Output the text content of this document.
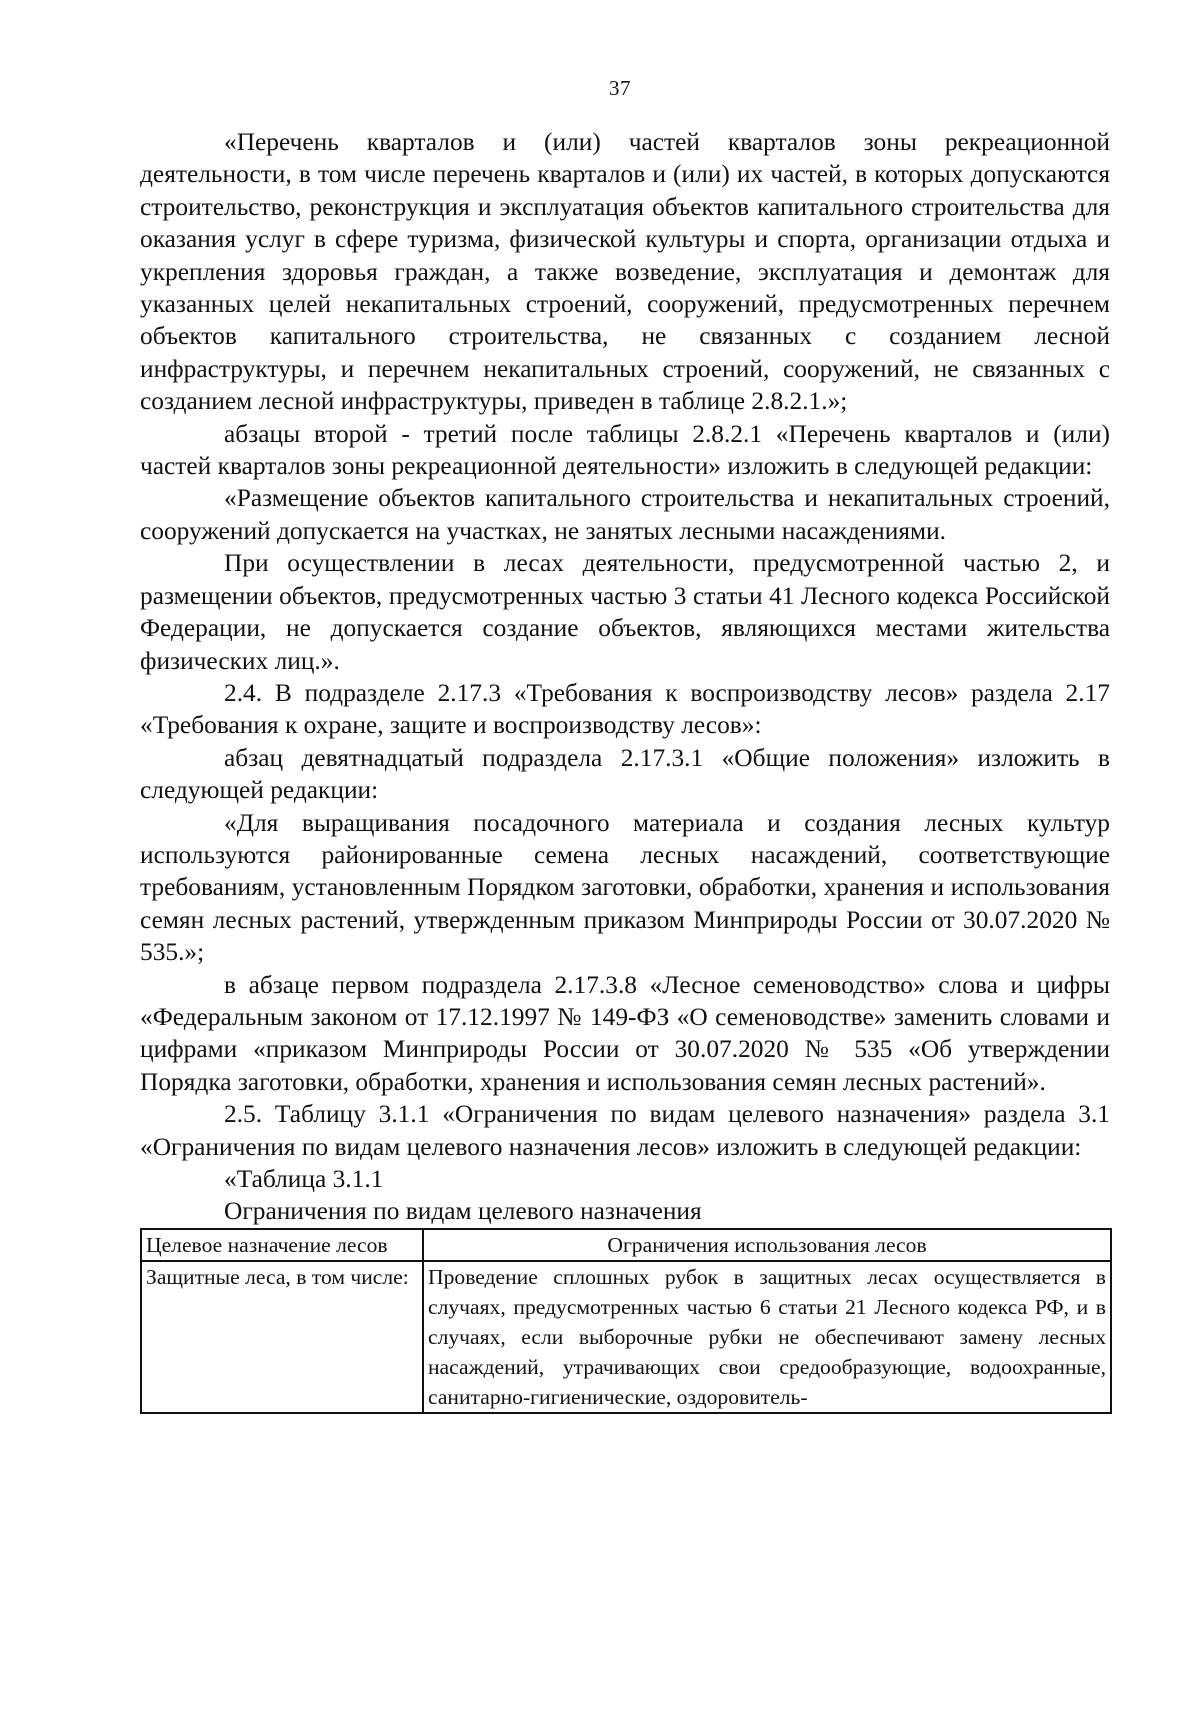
37

«Перечень кварталов и (или) частей кварталов зоны рекреационной деятельности, в том числе перечень кварталов и (или) их частей, в которых допускаются строительство, реконструкция и эксплуатация объектов капитального строительства для оказания услуг в сфере туризма, физической культуры и спорта, организации отдыха и укрепления здоровья граждан, а также возведение, эксплуатация и демонтаж для указанных целей некапитальных строений, сооружений, предусмотренных перечнем объектов капитального строительства, не связанных с созданием лесной инфраструктуры, и перечнем некапитальных строений, сооружений, не связанных с созданием лесной инфраструктуры, приведен в таблице 2.8.2.1.»;

абзацы второй - третий после таблицы 2.8.2.1 «Перечень кварталов и (или) частей кварталов зоны рекреационной деятельности» изложить в следующей редакции:

«Размещение объектов капитального строительства и некапитальных строений, сооружений допускается на участках, не занятых лесными насаждениями.

При осуществлении в лесах деятельности, предусмотренной частью 2, и размещении объектов, предусмотренных частью 3 статьи 41 Лесного кодекса Российской Федерации, не допускается создание объектов, являющихся местами жительства физических лиц.».

2.4. В подразделе 2.17.3 «Требования к воспроизводству лесов» раздела 2.17 «Требования к охране, защите и воспроизводству лесов»:

абзац девятнадцатый подраздела 2.17.3.1 «Общие положения» изложить в следующей редакции:

«Для выращивания посадочного материала и создания лесных культур используются районированные семена лесных насаждений, соответствующие требованиям, установленным Порядком заготовки, обработки, хранения и использования семян лесных растений, утвержденным приказом Минприроды России от 30.07.2020 № 535.»;

в абзаце первом подраздела 2.17.3.8 «Лесное семеноводство» слова и цифры «Федеральным законом от 17.12.1997 № 149-ФЗ «О семеноводстве» заменить словами и цифрами «приказом Минприроды России от 30.07.2020 № 535 «Об утверждении Порядка заготовки, обработки, хранения и использования семян лесных растений».

2.5. Таблицу 3.1.1 «Ограничения по видам целевого назначения» раздела 3.1 «Ограничения по видам целевого назначения лесов» изложить в следующей редакции:

«Таблица 3.1.1

Ограничения по видам целевого назначения

Целевое назначение лесов	Ограничения использования лесов
Защитные леса, в том числе:	Проведение сплошных рубок в защитных лесах осуществляется в случаях, предусмотренных частью 6 статьи 21 Лесного кодекса РФ, и в случаях, если выборочные рубки не обеспечивают замену лесных насаждений, утрачивающих свои средообразующие, водоохранные, санитарно-гигиенические, оздоровитель-
